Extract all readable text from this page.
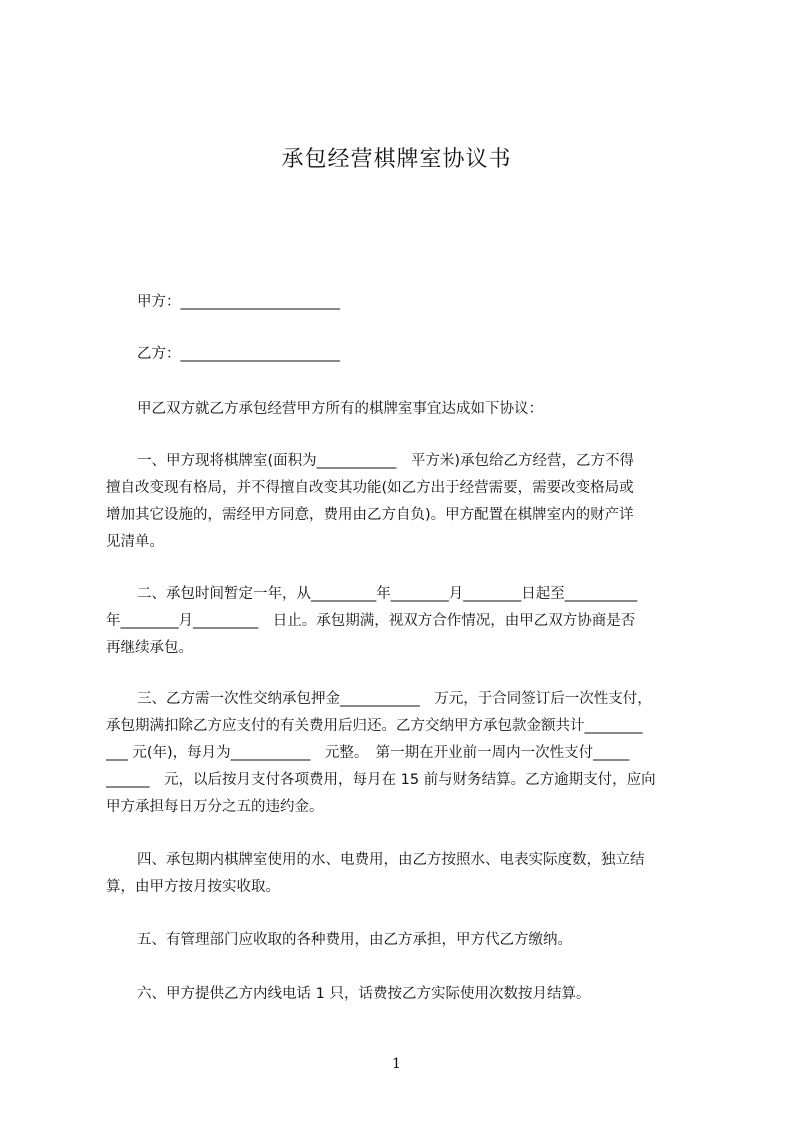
承包经营棋牌室协议书
甲方：______________________
乙方：______________________
甲乙双方就乙方承包经营甲方所有的棋牌室事宜达成如下协议：
一、甲方现将棋牌室(面积为___________　平方米)承包给乙方经营，乙方不得
擅自改变现有格局，并不得擅自改变其功能(如乙方出于经营需要，需要改变格局或
增加其它设施的，需经甲方同意，费用由乙方自负)。甲方配置在棋牌室内的财产详
见清单。
二、承包时间暂定一年，从_________年________月________日起至__________
年________月_________　日止。承包期满，视双方合作情况，由甲乙双方协商是否
再继续承包。
三、乙方需一次性交纳承包押金___________　万元，于合同签订后一次性支付，
承包期满扣除乙方应支付的有关费用后归还。乙方交纳甲方承包款金额共计________
___ 元(年)，每月为___________　元整。　第一期在开业前一周内一次性支付_____
______　元，以后按月支付各项费用，每月在 15 前与财务结算。乙方逾期支付，应向
甲方承担每日万分之五的违约金。
四、承包期内棋牌室使用的水、电费用，由乙方按照水、电表实际度数，独立结
算，由甲方按月按实收取。
五、有管理部门应收取的各种费用，由乙方承担，甲方代乙方缴纳。
六、甲方提供乙方内线电话 1 只，话费按乙方实际使用次数按月结算。
1
